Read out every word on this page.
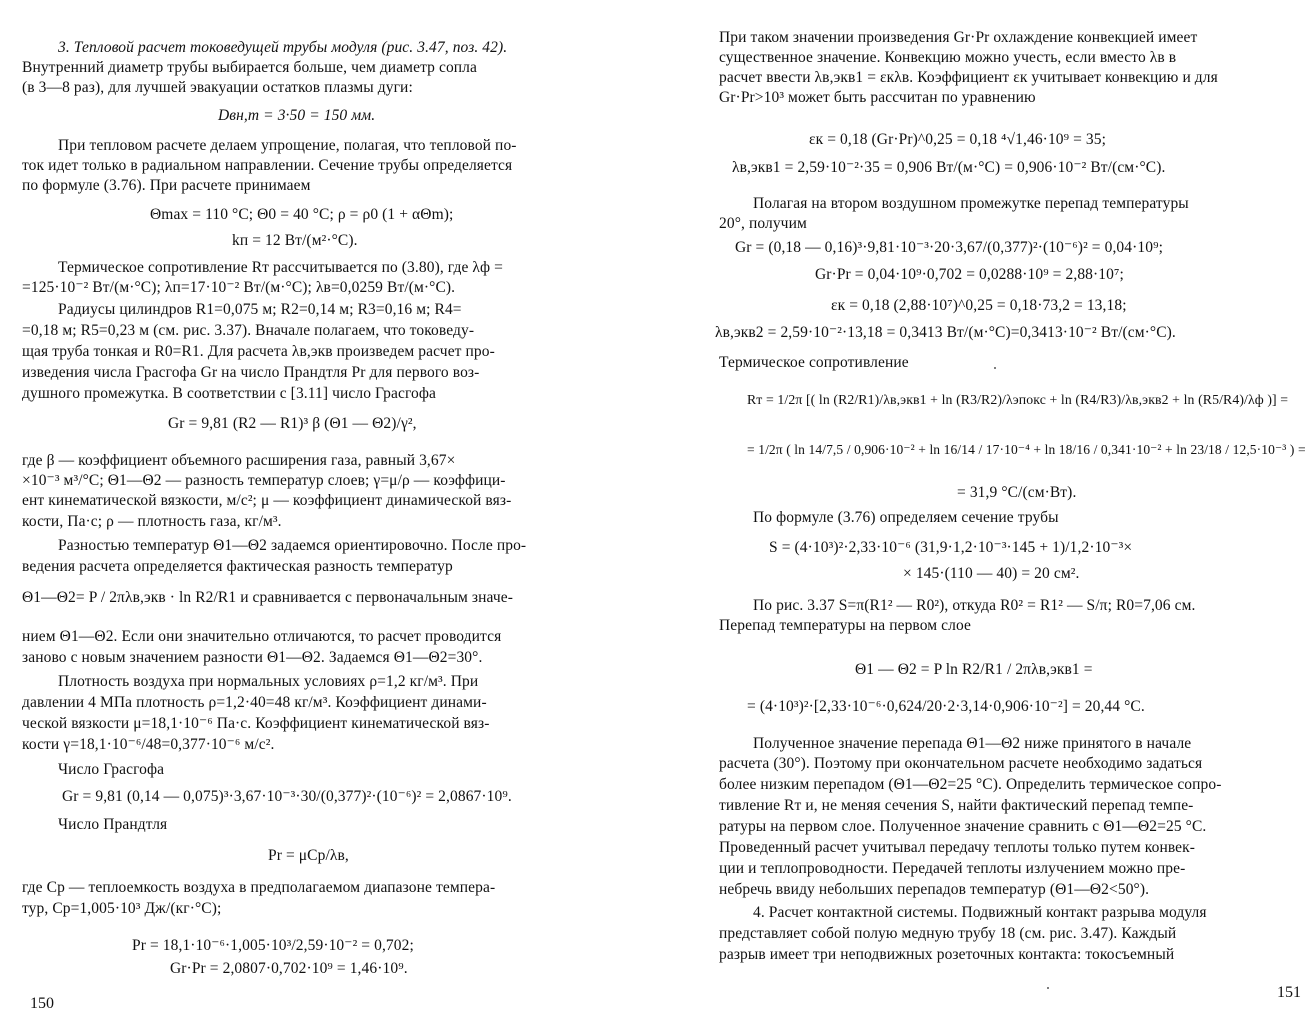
3. Тепловой расчет токоведущей трубы модуля (рис. 3.47, поз. 42).
Внутренний диаметр трубы выбирается больше, чем диаметр сопла
(в 3—8 раз), для лучшей эвакуации остатков плазмы дуги:
Dвн,т = 3·50 = 150 мм.
При тепловом расчете делаем упрощение, полагая, что тепловой по-
ток идет только в радиальном направлении. Сечение трубы определяется
по формуле (3.76). При расчете принимаем
Θmax = 110 °C; Θ0 = 40 °C; ρ = ρ0 (1 + αΘm);
kп = 12 Вт/(м²·°C).
Термическое сопротивление Rт рассчитывается по (3.80), где λф =
=125·10⁻² Вт/(м·°C); λп=17·10⁻² Вт/(м·°C); λв=0,0259 Вт/(м·°C).
Радиусы цилиндров R1=0,075 м; R2=0,14 м; R3=0,16 м; R4=
=0,18 м; R5=0,23 м (см. рис. 3.37). Вначале полагаем, что токоведу-
щая труба тонкая и R0=R1. Для расчета λв,экв произведем расчет про-
изведения числа Грасгофа Gr на число Прандтля Pr для первого воз-
душного промежутка. В соответствии с [3.11] число Грасгофа
Gr = 9,81 (R2 — R1)³ β (Θ1 — Θ2)/γ²,
где β — коэффициент объемного расширения газа, равный 3,67×
×10⁻³ м³/°C; Θ1—Θ2 — разность температур слоев; γ=μ/ρ — коэффици-
ент кинематической вязкости, м/с²; μ — коэффициент динамической вяз-
кости, Па·с; ρ — плотность газа, кг/м³.
Разностью температур Θ1—Θ2 задаемся ориентировочно. После про-
ведения расчета определяется фактическая разность температур
Θ1—Θ2= P / 2πλв,экв · ln R2/R1 и сравнивается с первоначальным значе-
нием Θ1—Θ2. Если они значительно отличаются, то расчет проводится
заново с новым значением разности Θ1—Θ2. Задаемся Θ1—Θ2=30°.
Плотность воздуха при нормальных условиях ρ=1,2 кг/м³. При
давлении 4 МПа плотность ρ=1,2·40=48 кг/м³. Коэффициент динами-
ческой вязкости μ=18,1·10⁻⁶ Па·с. Коэффициент кинематической вяз-
кости γ=18,1·10⁻⁶/48=0,377·10⁻⁶ м/с².
Число Грасгофа
Gr = 9,81 (0,14 — 0,075)³·3,67·10⁻³·30/(0,377)²·(10⁻⁶)² = 2,0867·10⁹.
Число Прандтля
Pr = μCp/λв,
где Cp — теплоемкость воздуха в предполагаемом диапазоне темпера-
тур, Cp=1,005·10³ Дж/(кг·°C);
Pr = 18,1·10⁻⁶·1,005·10³/2,59·10⁻² = 0,702;
Gr·Pr = 2,0807·0,702·10⁹ = 1,46·10⁹.
150
При таком значении произведения Gr·Pr охлаждение конвекцией имеет
существенное значение. Конвекцию можно учесть, если вместо λв в
расчет ввести λв,экв1 = εкλв. Коэффициент εк учитывает конвекцию и для
Gr·Pr>10³ может быть рассчитан по уравнению
εк = 0,18 (Gr·Pr)^0,25 = 0,18 ⁴√1,46·10⁹ = 35;
λв,экв1 = 2,59·10⁻²·35 = 0,906 Вт/(м·°C) = 0,906·10⁻² Вт/(см·°C).
Полагая на втором воздушном промежутке перепад температуры
20°, получим
Gr = (0,18 — 0,16)³·9,81·10⁻³·20·3,67/(0,377)²·(10⁻⁶)² = 0,04·10⁹;
Gr·Pr = 0,04·10⁹·0,702 = 0,0288·10⁹ = 2,88·10⁷;
εк = 0,18 (2,88·10⁷)^0,25 = 0,18·73,2 = 13,18;
λв,экв2 = 2,59·10⁻²·13,18 = 0,3413 Вт/(м·°C)=0,3413·10⁻² Вт/(см·°C).
Термическое сопротивление
Rт = 1/2π [( ln (R2/R1)/λв,экв1 + ln (R3/R2)/λэпокс + ln (R4/R3)/λв,экв2 + ln (R5/R4)/λф )] =
= 1/2π ( ln 14/7,5 / 0,906·10⁻² + ln 16/14 / 17·10⁻⁴ + ln 18/16 / 0,341·10⁻² + ln 23/18 / 12,5·10⁻³ ) =
= 31,9 °C/(см·Вт).
По формуле (3.76) определяем сечение трубы
S = (4·10³)²·2,33·10⁻⁶ (31,9·1,2·10⁻³·145 + 1)/1,2·10⁻³×
× 145·(110 — 40) = 20 см².
По рис. 3.37 S=π(R1² — R0²), откуда R0² = R1² — S/π; R0=7,06 см.
Перепад температуры на первом слое
Θ1 — Θ2 = P ln R2/R1 / 2πλв,экв1 =
= (4·10³)²·[2,33·10⁻⁶·0,624/20·2·3,14·0,906·10⁻²] = 20,44 °C.
Полученное значение перепада Θ1—Θ2 ниже принятого в начале
расчета (30°). Поэтому при окончательном расчете необходимо задаться
более низким перепадом (Θ1—Θ2=25 °C). Определить термическое сопро-
тивление Rт и, не меняя сечения S, найти фактический перепад темпе-
ратуры на первом слое. Полученное значение сравнить с Θ1—Θ2=25 °C.
Проведенный расчет учитывал передачу теплоты только путем конвек-
ции и теплопроводности. Передачей теплоты излучением можно пре-
небречь ввиду небольших перепадов температур (Θ1—Θ2<50°).
4. Расчет контактной системы. Подвижный контакт разрыва модуля
представляет собой полую медную трубу 18 (см. рис. 3.47). Каждый
разрыв имеет три неподвижных розеточных контакта: токосъемный
151
